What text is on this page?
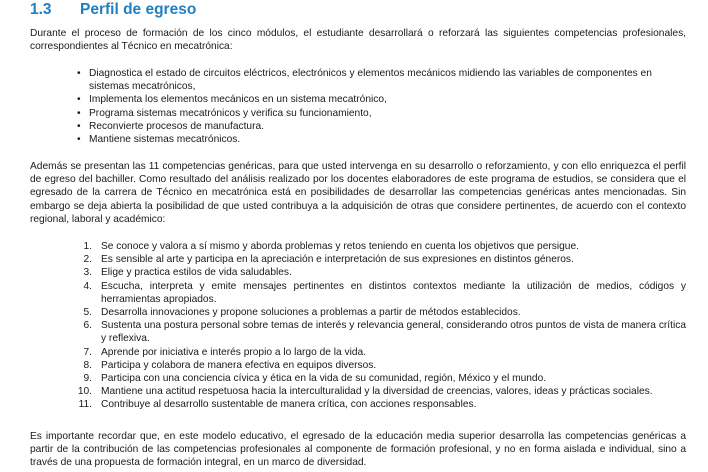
1.3	Perfil de egreso
Durante el proceso de formación de los cinco módulos, el estudiante desarrollará o reforzará las siguientes competencias profesionales, correspondientes al Técnico en mecatrónica:
• Diagnostica el estado de circuitos eléctricos, electrónicos y elementos mecánicos midiendo las variables de componentes en sistemas mecatrónicos,
• Implementa los elementos mecánicos en un sistema mecatrónico,
• Programa sistemas mecatrónicos y verifica su funcionamiento,
• Reconvierte procesos de manufactura.
• Mantiene sistemas mecatrónicos.
Además se presentan las 11 competencias genéricas, para que usted intervenga en su desarrollo o reforzamiento, y con ello enriquezca el perfil de egreso del bachiller. Como resultado del análisis realizado por los docentes elaboradores de este programa de estudios, se considera que el egresado de la carrera de Técnico en mecatrónica está en posibilidades de desarrollar las competencias genéricas antes mencionadas. Sin embargo se deja abierta la posibilidad de que usted contribuya a la adquisición de otras que considere pertinentes, de acuerdo con el contexto regional, laboral y académico:
1. Se conoce y valora a sí mismo y aborda problemas y retos teniendo en cuenta los objetivos que persigue.
2. Es sensible al arte y participa en la apreciación e interpretación de sus expresiones en distintos géneros.
3. Elige y practica estilos de vida saludables.
4. Escucha, interpreta y emite mensajes pertinentes en distintos contextos mediante la utilización de medios, códigos y herramientas apropiados.
5. Desarrolla innovaciones y propone soluciones a problemas a partir de métodos establecidos.
6. Sustenta una postura personal sobre temas de interés y relevancia general, considerando otros puntos de vista de manera crítica y reflexiva.
7. Aprende por iniciativa e interés propio a lo largo de la vida.
8. Participa y colabora de manera efectiva en equipos diversos.
9. Participa con una conciencia cívica y ética en la vida de su comunidad, región, México y el mundo.
10. Mantiene una actitud respetuosa hacia la interculturalidad y la diversidad de creencias, valores, ideas y prácticas sociales.
11. Contribuye al desarrollo sustentable de manera crítica, con acciones responsables.
Es importante recordar que, en este modelo educativo, el egresado de la educación media superior desarrolla las competencias genéricas a partir de la contribución de las competencias profesionales al componente de formación profesional, y no en forma aislada e individual, sino a través de una propuesta de formación integral, en un marco de diversidad.
